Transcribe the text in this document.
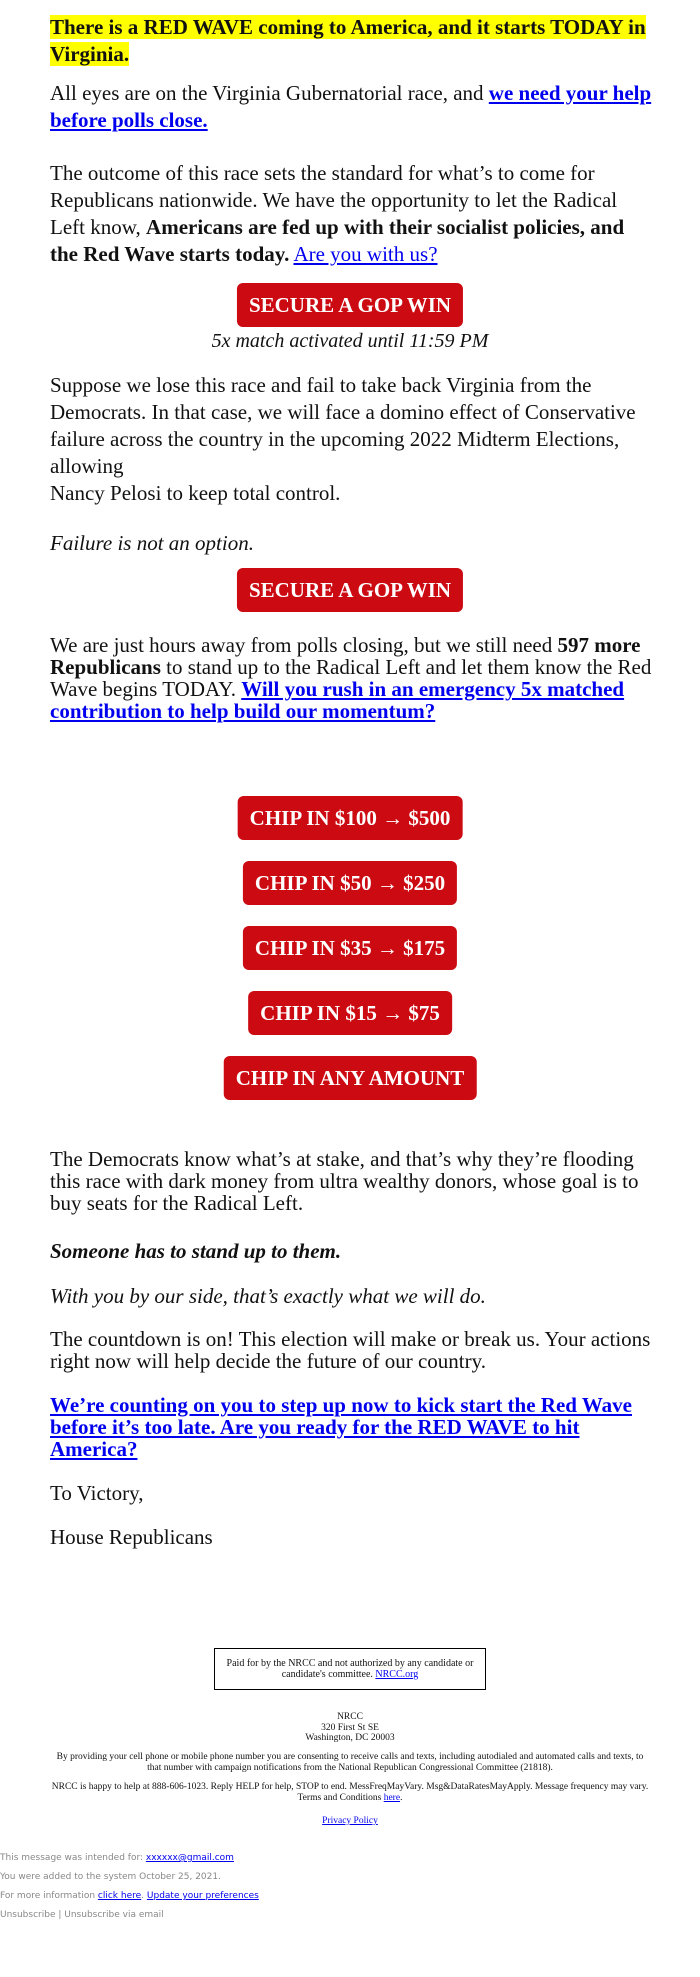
There is a RED WAVE coming to America, and it starts TODAY in Virginia.
All eyes are on the Virginia Gubernatorial race, and we need your help before polls close.
The outcome of this race sets the standard for what’s to come for Republicans nationwide. We have the opportunity to let the Radical Left know, Americans are fed up with their socialist policies, and the Red Wave starts today. Are you with us?
SECURE A GOP WIN
5x match activated until 11:59 PM
Suppose we lose this race and fail to take back Virginia from the Democrats. In that case, we will face a domino effect of Conservative failure across the country in the upcoming 2022 Midterm Elections, allowing
Nancy Pelosi to keep total control.
Failure is not an option.
SECURE A GOP WIN
We are just hours away from polls closing, but we still need 597 more Republicans to stand up to the Radical Left and let them know the Red Wave begins TODAY. Will you rush in an emergency 5x matched contribution to help build our momentum?
CHIP IN $100 → $500
CHIP IN $50 → $250
CHIP IN $35 → $175
CHIP IN $15 → $75
CHIP IN ANY AMOUNT
The Democrats know what’s at stake, and that’s why they’re flooding this race with dark money from ultra wealthy donors, whose goal is to buy seats for the Radical Left.
Someone has to stand up to them.
With you by our side, that’s exactly what we will do.
The countdown is on! This election will make or break us. Your actions right now will help decide the future of our country.
We’re counting on you to step up now to kick start the Red Wave before it’s too late. Are you ready for the RED WAVE to hit America?
To Victory,
House Republicans
Paid for by the NRCC and not authorized by any candidate or candidate's committee. NRCC.org
NRCC
320 First St SE
Washington, DC 20003
By providing your cell phone or mobile phone number you are consenting to receive calls and texts, including autodialed and automated calls and texts, to that number with campaign notifications from the National Republican Congressional Committee (21818).
NRCC is happy to help at 888-606-1023. Reply HELP for help, STOP to end. MessFreqMayVary. Msg&DataRatesMayApply. Message frequency may vary. Terms and Conditions here.
Privacy Policy
This message was intended for: xxxxxx@gmail.com
You were added to the system October 25, 2021.
For more information click here. Update your preferences
Unsubscribe | Unsubscribe via email
